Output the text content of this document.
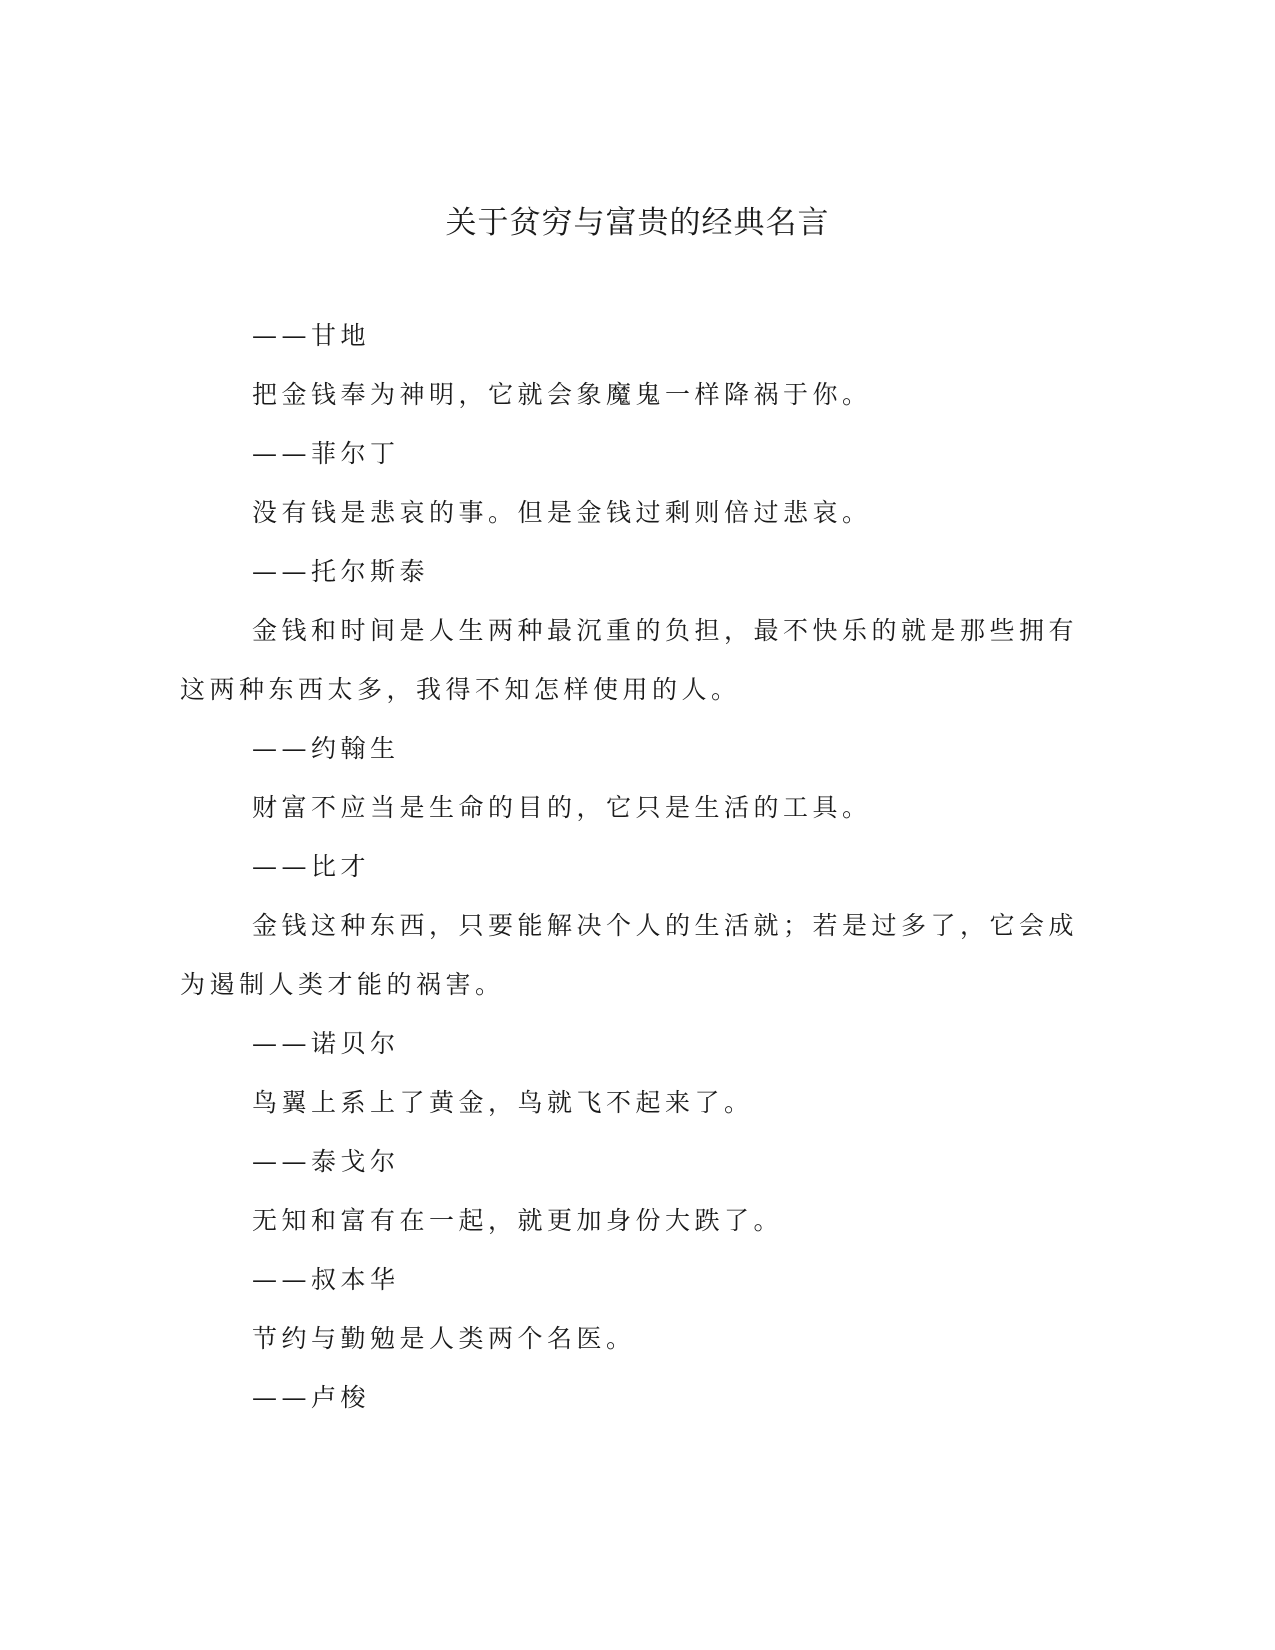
关于贫穷与富贵的经典名言

——甘地

把金钱奉为神明，它就会象魔鬼一样降祸于你。

——菲尔丁

没有钱是悲哀的事。但是金钱过剩则倍过悲哀。

——托尔斯泰

金钱和时间是人生两种最沉重的负担，最不快乐的就是那些拥有

这两种东西太多，我得不知怎样使用的人。

——约翰生

财富不应当是生命的目的，它只是生活的工具。

——比才

金钱这种东西，只要能解决个人的生活就；若是过多了，它会成

为遏制人类才能的祸害。

——诺贝尔

鸟翼上系上了黄金，鸟就飞不起来了。

——泰戈尔

无知和富有在一起，就更加身份大跌了。

——叔本华

节约与勤勉是人类两个名医。

——卢梭
